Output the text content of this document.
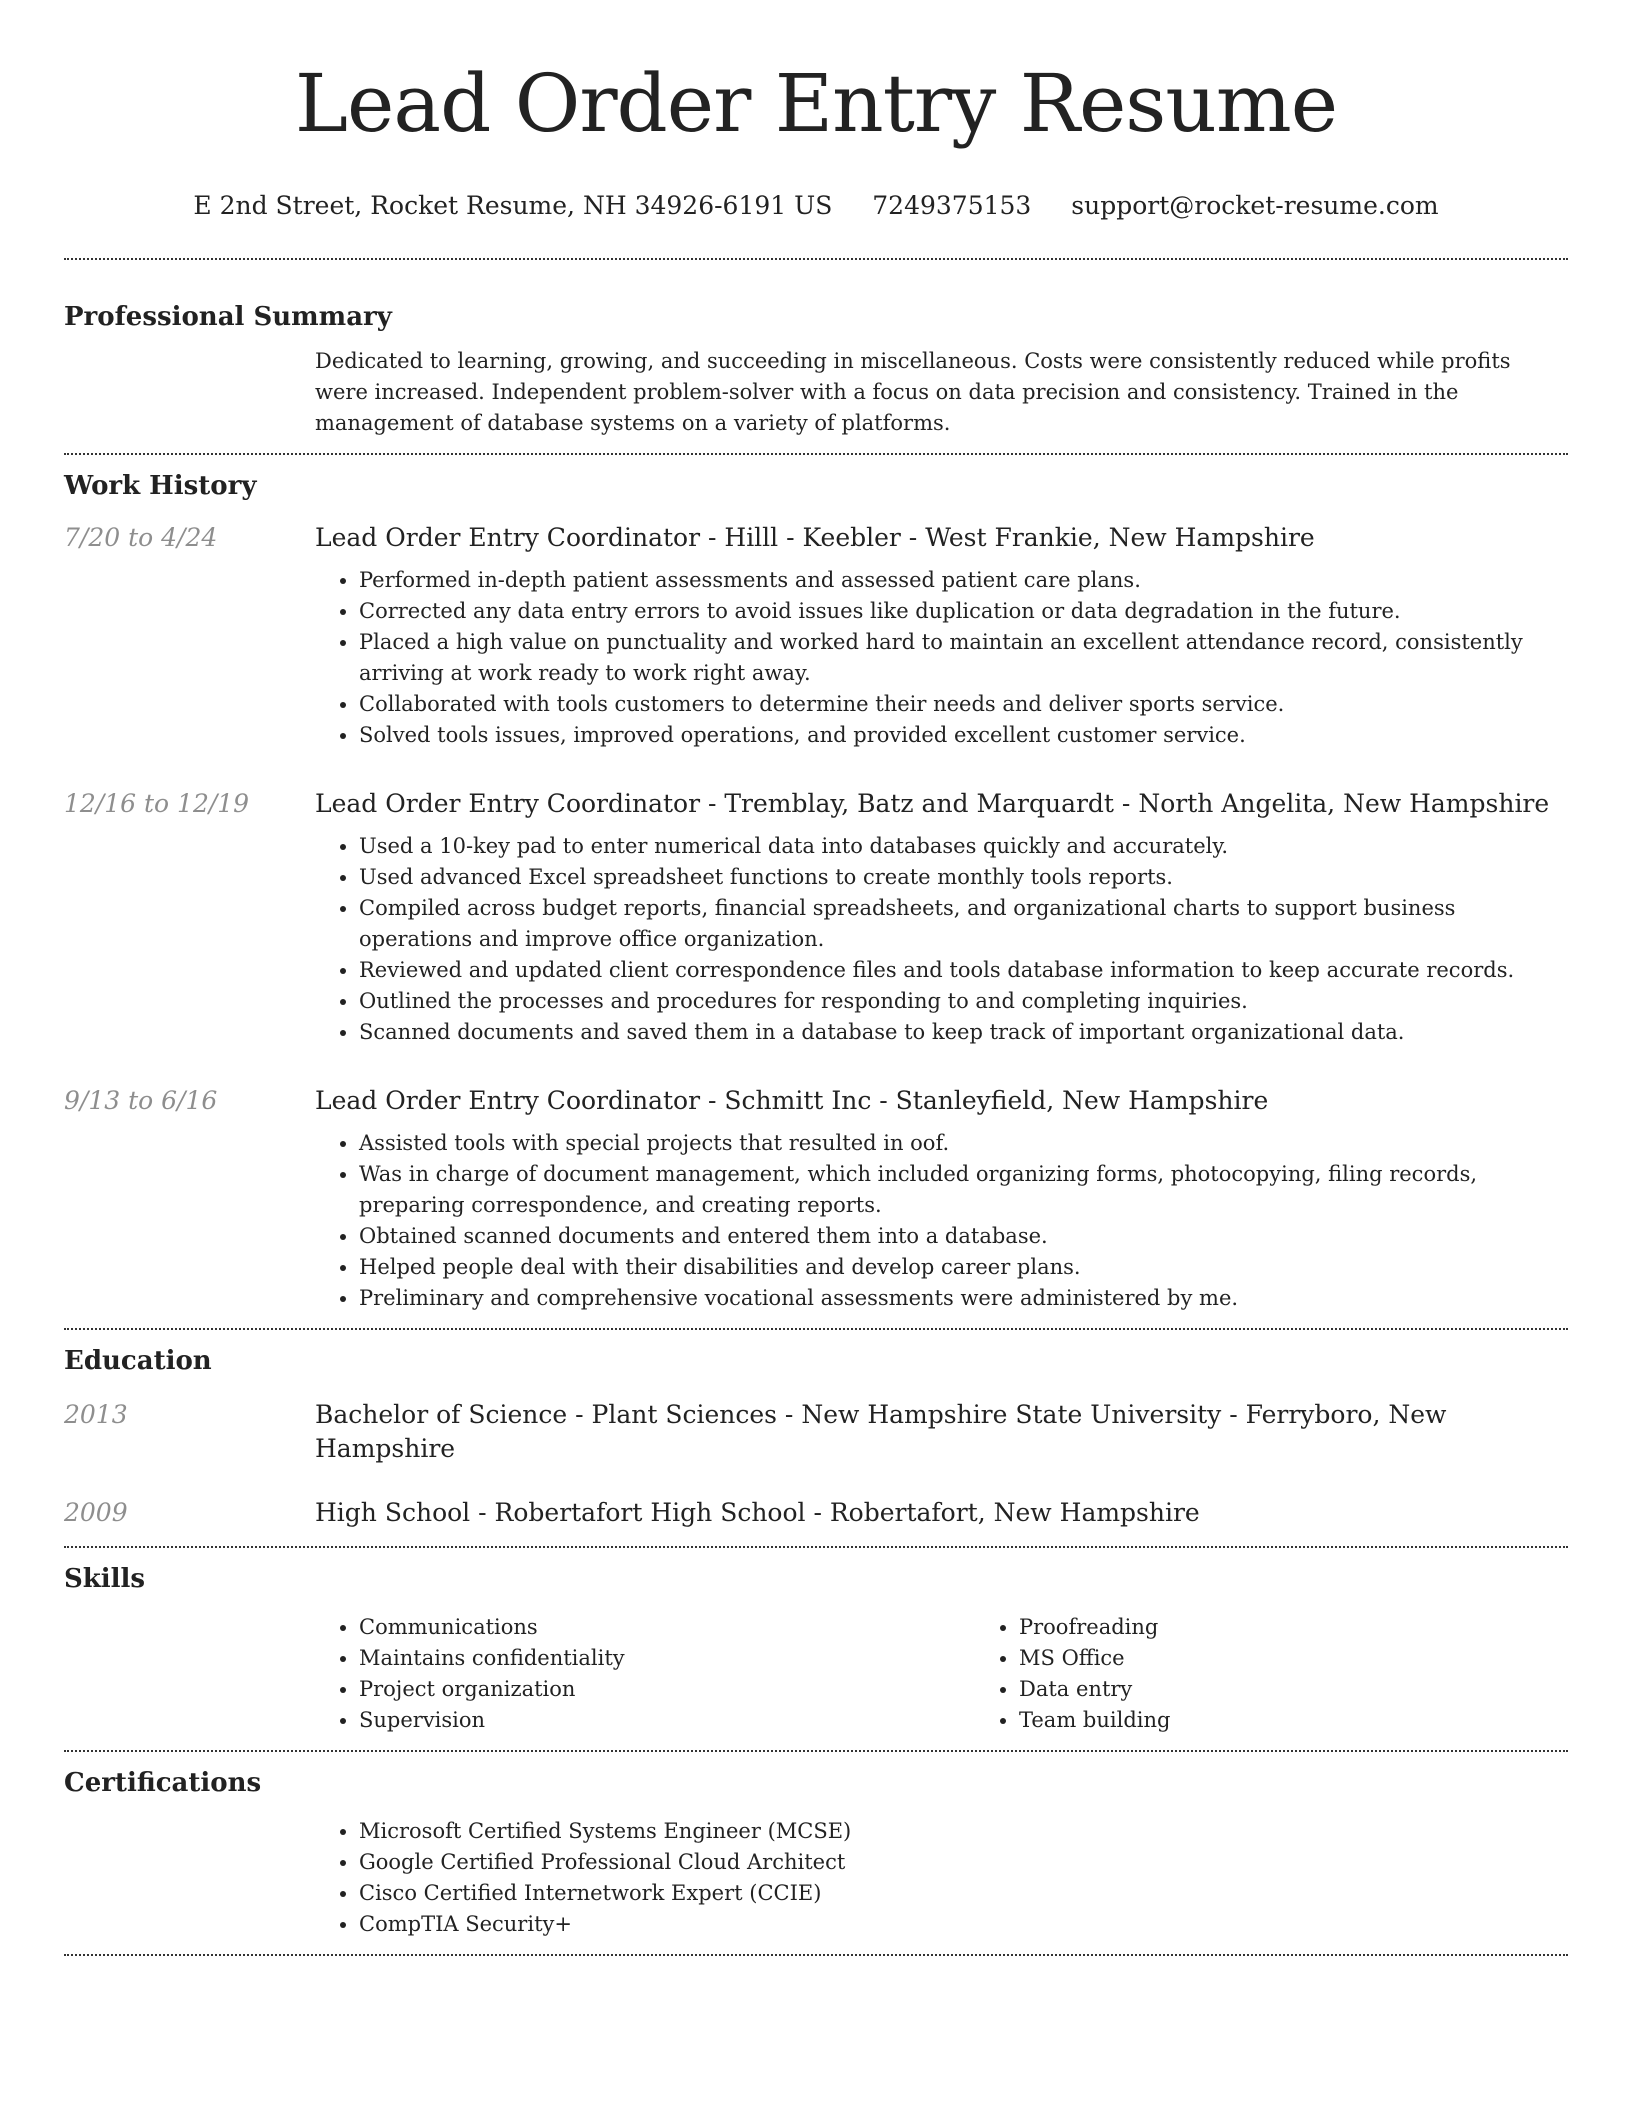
Lead Order Entry Resume
E 2nd Street, Rocket Resume, NH 34926-6191 US 7249375153 support@rocket-resume.com
Professional Summary
Dedicated to learning, growing, and succeeding in miscellaneous. Costs were consistently reduced while profits were increased. Independent problem-solver with a focus on data precision and consistency. Trained in the management of database systems on a variety of platforms.
Work History
7/20 to 4/24	Lead Order Entry Coordinator - Hilll - Keebler - West Frankie, New Hampshire
• Performed in-depth patient assessments and assessed patient care plans.
• Corrected any data entry errors to avoid issues like duplication or data degradation in the future.
• Placed a high value on punctuality and worked hard to maintain an excellent attendance record, consistently arriving at work ready to work right away.
• Collaborated with tools customers to determine their needs and deliver sports service.
• Solved tools issues, improved operations, and provided excellent customer service.
12/16 to 12/19	Lead Order Entry Coordinator - Tremblay, Batz and Marquardt - North Angelita, New Hampshire
• Used a 10-key pad to enter numerical data into databases quickly and accurately.
• Used advanced Excel spreadsheet functions to create monthly tools reports.
• Compiled across budget reports, financial spreadsheets, and organizational charts to support business operations and improve office organization.
• Reviewed and updated client correspondence files and tools database information to keep accurate records.
• Outlined the processes and procedures for responding to and completing inquiries.
• Scanned documents and saved them in a database to keep track of important organizational data.
9/13 to 6/16	Lead Order Entry Coordinator - Schmitt Inc - Stanleyfield, New Hampshire
• Assisted tools with special projects that resulted in oof.
• Was in charge of document management, which included organizing forms, photocopying, filing records, preparing correspondence, and creating reports.
• Obtained scanned documents and entered them into a database.
• Helped people deal with their disabilities and develop career plans.
• Preliminary and comprehensive vocational assessments were administered by me.
Education
2013	Bachelor of Science - Plant Sciences - New Hampshire State University - Ferryboro, New Hampshire
2009	High School - Robertafort High School - Robertafort, New Hampshire
Skills
• Communications
• Maintains confidentiality
• Project organization
• Supervision
• Proofreading
• MS Office
• Data entry
• Team building
Certifications
• Microsoft Certified Systems Engineer (MCSE)
• Google Certified Professional Cloud Architect
• Cisco Certified Internetwork Expert (CCIE)
• CompTIA Security+
